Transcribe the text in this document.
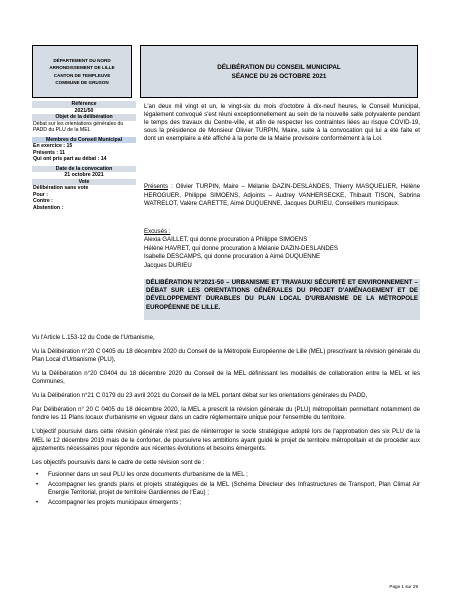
DÉPARTEMENT DU NORD
ARRONDISSEMENT DE LILLE
CANTON DE TEMPLEUVE
COMMUNE DE GRUSON
DÉLIBÉRATION DU CONSEIL MUNICIPAL
SÉANCE DU 26 OCTOBRE 2021
Référence
2021/50
Objet de la délibération
Débat sur les orientations générales du PADD du PLU de la MEL
Membres du Conseil Municipal
En exercice : 15
Présents : 11
Qui ont pris part au débat : 14
Date de la convocation
21 octobre 2021
Vote
Délibération sans vote
Pour :
Contre :
Abstention :
L'an deux mil vingt et un, le vingt-six du mois d'octobre à dix-neuf heures, le Conseil Municipal, légalement convoqué s'est réuni exceptionnellement au sein de la nouvelle salle polyvalente pendant le temps des travaux du Centre-ville, et afin de respecter les contraintes liées au risque COVID-19, sous la présidence de Monsieur Olivier TURPIN, Maire, suite à la convocation qui lui a été faite et dont un exemplaire a été affiché à la porte de la Mairie provisoire conformément à la Loi.
Présents : Olivier TURPIN, Maire – Mélanie DAZIN-DESLANDES, Thierry MASQUELIER, Hélène HEROGUER, Philippe SIMOENS, Adjoints – Audrey VANHERSECKE, Thibault TISON, Sabrina WATRELOT, Valère CARETTE, Aimé DUQUENNE, Jacques DURIEU, Conseillers municipaux.
Excusés :
Alexia GAILLET, qui donne procuration à Philippe SIMOENS
Hélène HAVRET, qui donne procuration à Mélanie DAZIN-DESLANDES
Isabelle DESCAMPS, qui donne procuration à Aimé DUQUENNE
Jacques DURIEU
DÉLIBÉRATION N°2021-50 – URBANISME ET TRAVAUX/ SÉCURITÉ ET ENVIRONNEMENT – DÉBAT SUR LES ORIENTATIONS GÉNÉRALES DU PROJET D'AMÉNAGEMENT ET DE DÉVELOPPEMENT DURABLES DU PLAN LOCAL D'URBANISME DE LA MÉTROPOLE EUROPÉENNE DE LILLE.

Vu l'Article L.153-12 du Code de l'Urbanisme,

Vu la Délibération n°20 C 0405 du 18 décembre 2020 du Conseil de la Métropole Européenne de Lille (MEL) prescrivant la révision générale du Plan Local d'Urbanisme (PLU),

Vu la Délibération n°20 C0404 du 18 décembre 2020 du Conseil de la MEL définissant les modalités de collaboration entre la MEL et les Communes,

Vu la Délibération n°21 C 0179 du 23 avril 2021 du Conseil de la MEL portant débat sur les orientations générales du PADD,

Par Délibération n° 20 C 0405 du 18 décembre 2020, la MEL a prescrit la révision générale du (PLU) métropolitain permettant notamment de fondre les 11 Plans locaux d'urbanisme en vigueur dans un cadre réglementaire unique pour l'ensemble du territoire.

L'objectif poursuivi dans cette révision générale n'est pas de réinterroger le socle stratégique adopté lors de l'approbation des six PLU de la MEL le 12 décembre 2019 mais de le conforter, de poursuivre les ambitions ayant guidé le projet de territoire métropolitain et de procéder aux ajustements nécessaires pour répondre aux récentes évolutions et besoins émergents.

Les objectifs poursuivis dans le cadre de cette révision sont de :

• Fusionner dans un seul PLU les onze documents d'urbanisme de la MEL ;
• Accompagner les grands plans et projets stratégiques de la MEL (Schéma Directeur des Infrastructures de Transport, Plan Climat Air Energie Territorial, projet de territoire Gardiennes de l'Eau) ;
• Accompagner les projets municipaux émergents ;
Page 1 sur 29
